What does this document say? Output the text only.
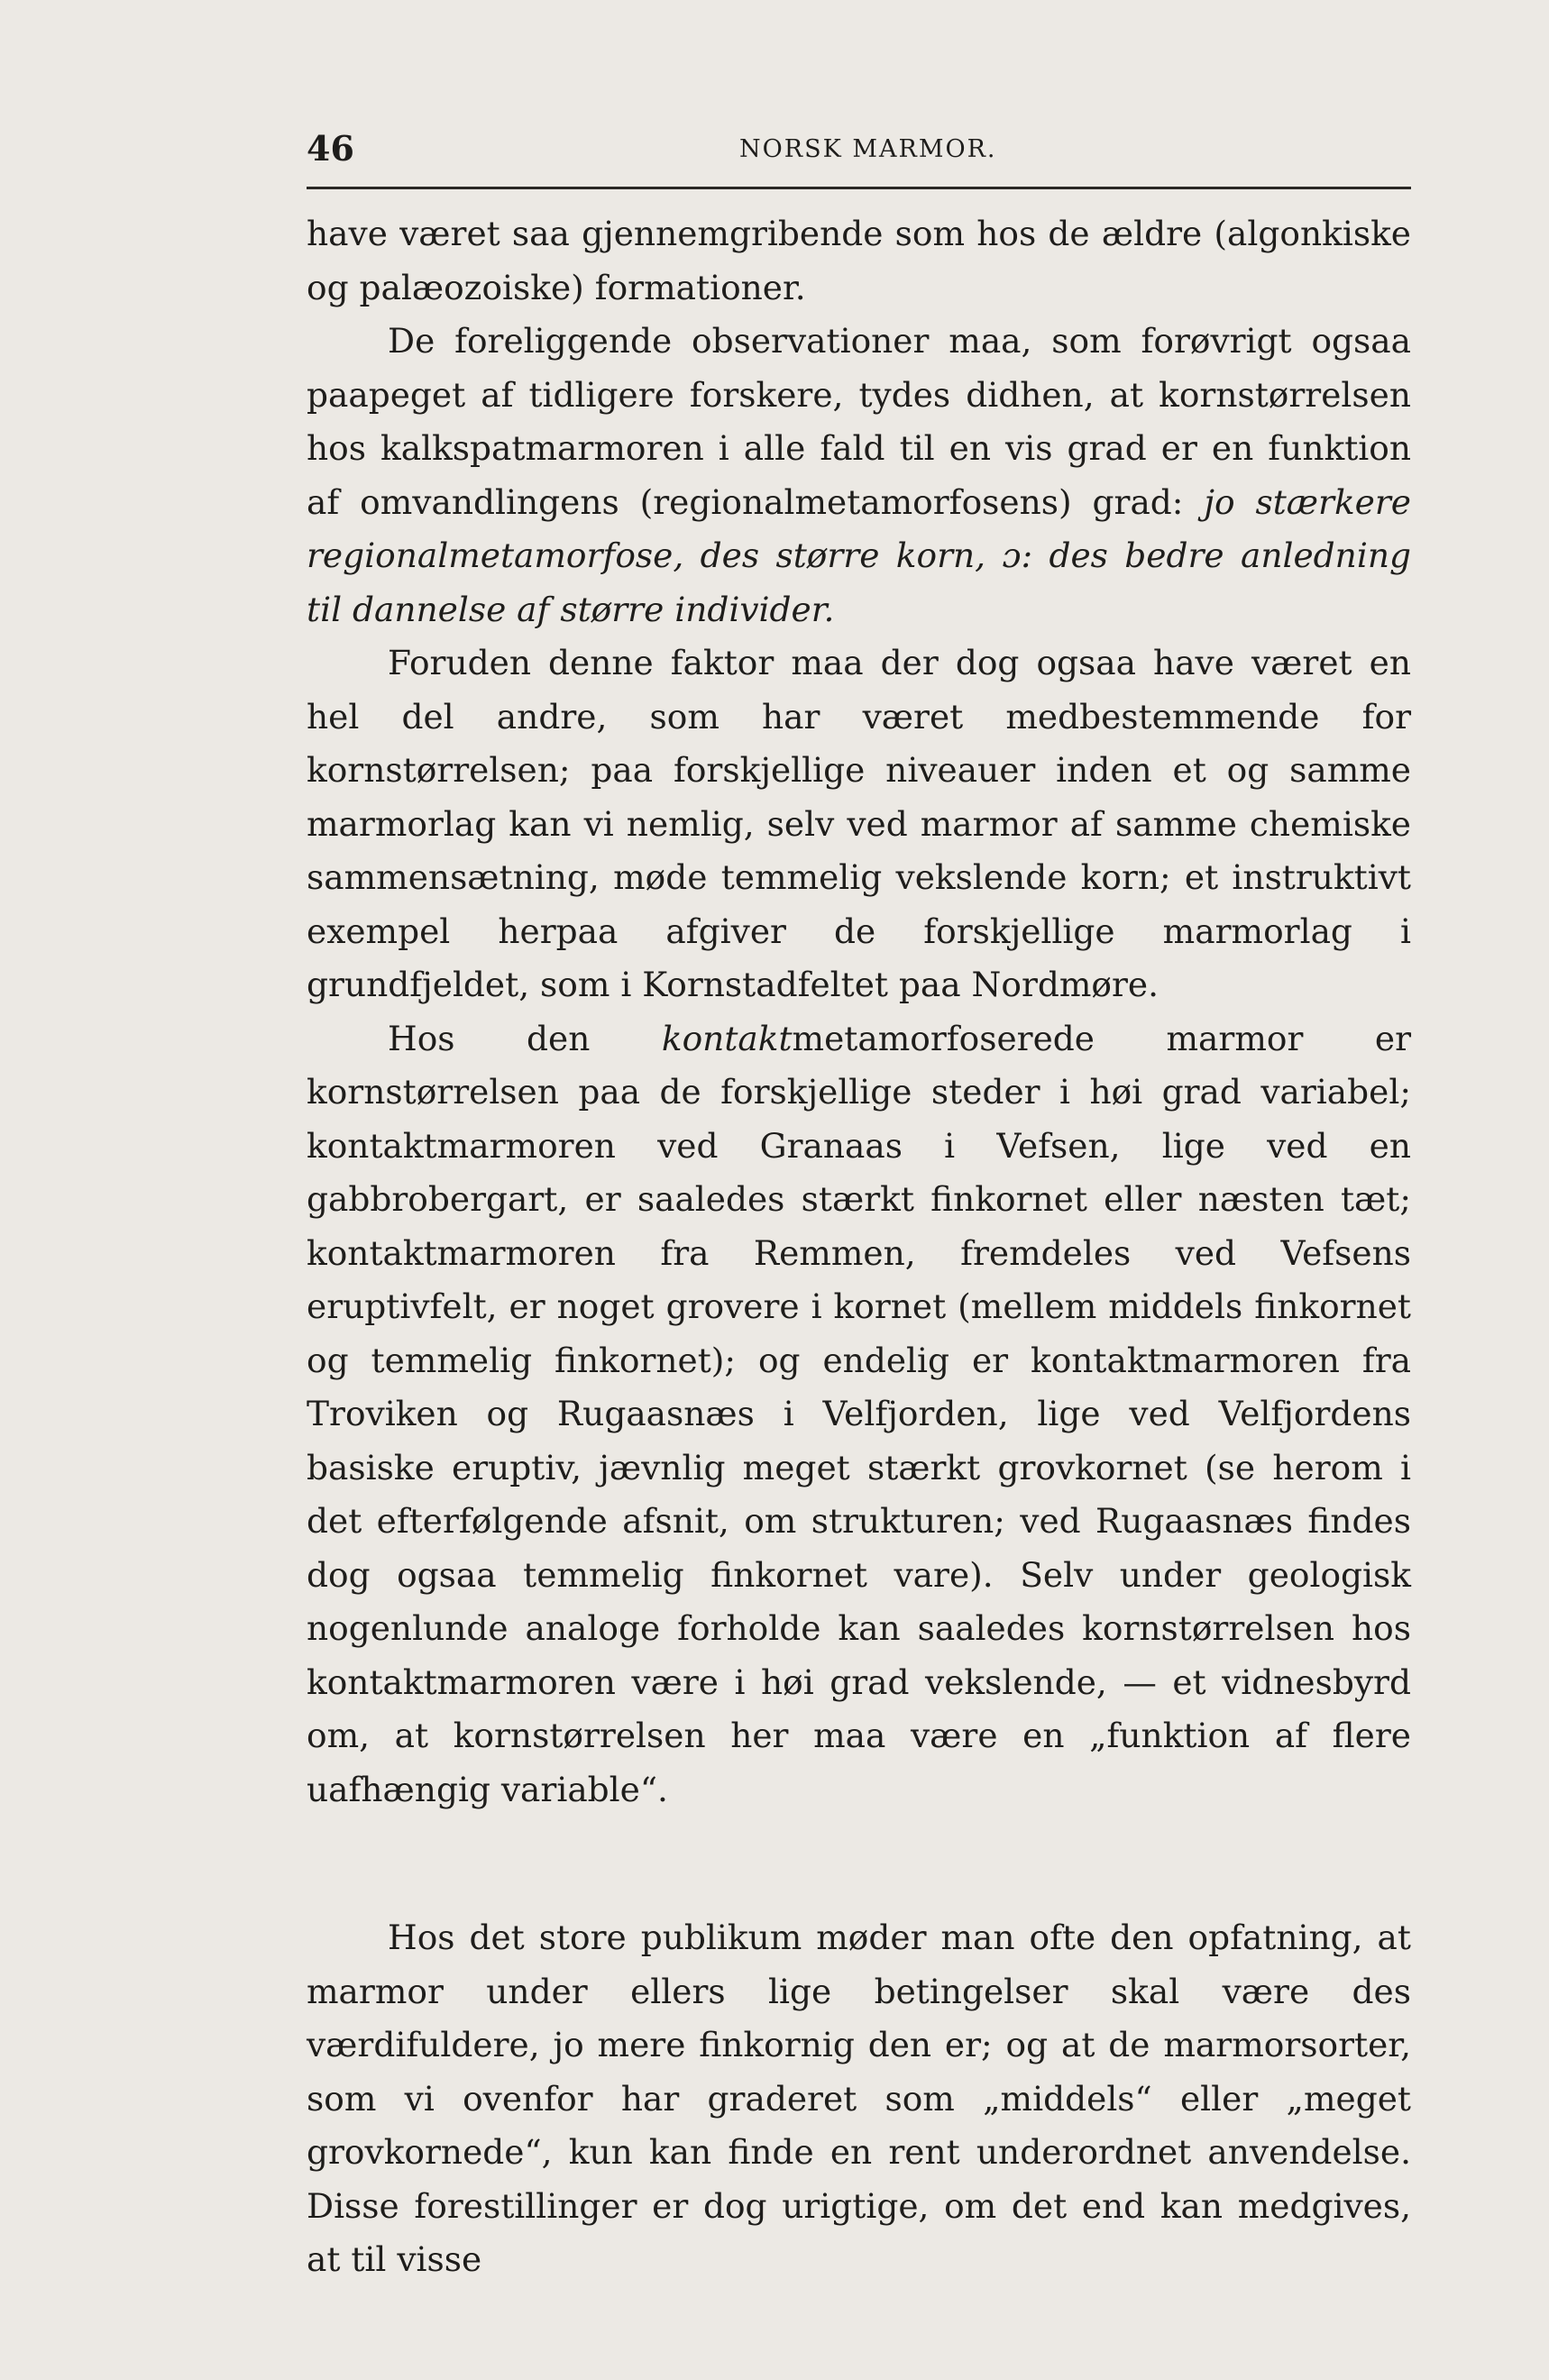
46	NORSK MARMOR.

have været saa gjennemgribende som hos de ældre (algonkiske og palæozoiske) formationer.

De foreliggende observationer maa, som forøvrigt ogsaa paapeget af tidligere forskere, tydes didhen, at kornstørrelsen hos kalkspatmarmoren i alle fald til en vis grad er en funktion af omvandlingens (regionalmetamorfosens) grad: jo stærkere regionalmetamorfose, des større korn, ɔ: des bedre anledning til dannelse af større individer.

Foruden denne faktor maa der dog ogsaa have været en hel del andre, som har været medbestemmende for kornstørrelsen; paa forskjellige niveauer inden et og samme marmorlag kan vi nemlig, selv ved marmor af samme chemiske sammensætning, møde temmelig vekslende korn; et instruktivt exempel herpaa afgiver de forskjellige marmorlag i grundfjeldet, som i Kornstadfeltet paa Nordmøre.

Hos den kontaktmetamorfoserede marmor er kornstørrelsen paa de forskjellige steder i høi grad variabel; kontaktmarmoren ved Granaas i Vefsen, lige ved en gabbrobergart, er saaledes stærkt finkornet eller næsten tæt; kontaktmarmoren fra Remmen, fremdeles ved Vefsens eruptivfelt, er noget grovere i kornet (mellem middels finkornet og temmelig finkornet); og endelig er kontaktmarmoren fra Troviken og Rugaasnæs i Velfjorden, lige ved Velfjordens basiske eruptiv, jævnlig meget stærkt grovkornet (se herom i det efterfølgende afsnit, om strukturen; ved Rugaasnæs findes dog ogsaa temmelig finkornet vare). Selv under geologisk nogenlunde analoge forholde kan saaledes kornstørrelsen hos kontaktmarmoren være i høi grad vekslende, — et vidnesbyrd om, at kornstørrelsen her maa være en „funktion af flere uafhængig variable“.

Hos det store publikum møder man ofte den opfatning, at marmor under ellers lige betingelser skal være des værdifuldere, jo mere finkornig den er; og at de marmorsorter, som vi ovenfor har graderet som „middels“ eller „meget grovkornede“, kun kan finde en rent underordnet anvendelse. Disse forestillinger er dog urigtige, om det end kan medgives, at til visse
